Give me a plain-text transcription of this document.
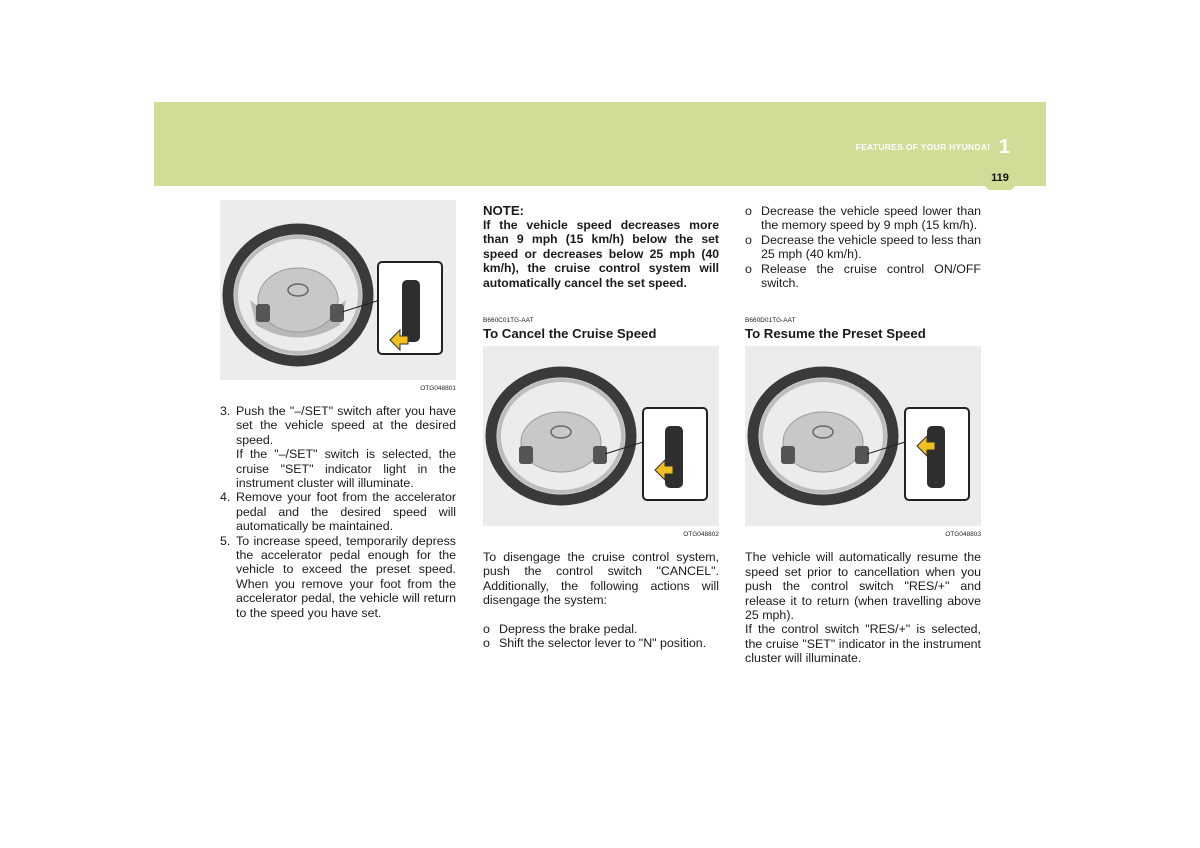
FEATURES OF YOUR HYUNDAI 1
119
OTG048801
3. Push the "–/SET" switch after you have set the vehicle speed at the desired speed.

If the "–/SET" switch is selected, the cruise "SET" indicator light in the instrument cluster will illuminate.

4. Remove your foot from the accelerator pedal and the desired speed will automatically be maintained.

5. To increase speed, temporarily depress the accelerator pedal enough for the vehicle to exceed the preset speed. When you remove your foot from the accelerator pedal, the vehicle will return to the speed you have set.

NOTE:
If the vehicle speed decreases more than 9 mph (15 km/h) below the set speed or decreases below 25 mph (40 km/h), the cruise control system will automatically cancel the set speed.
B660C01TG-AAT
To Cancel the Cruise Speed
OTG048802

To disengage the cruise control system, push the control switch "CANCEL". Additionally, the following actions will disengage the system:

o Depress the brake pedal.
o Shift the selector lever to "N" position.
o Decrease the vehicle speed lower than the memory speed by 9 mph (15 km/h).
o Decrease the vehicle speed to less than 25 mph (40 km/h).
o Release the cruise control ON/OFF switch.
B660D01TG-AAT
To Resume the Preset Speed
OTG048803

The vehicle will automatically resume the speed set prior to cancellation when you push the control switch "RES/+" and release it to return (when travelling above 25 mph).

If the control switch "RES/+" is selected, the cruise "SET" indicator in the instrument cluster will illuminate.
